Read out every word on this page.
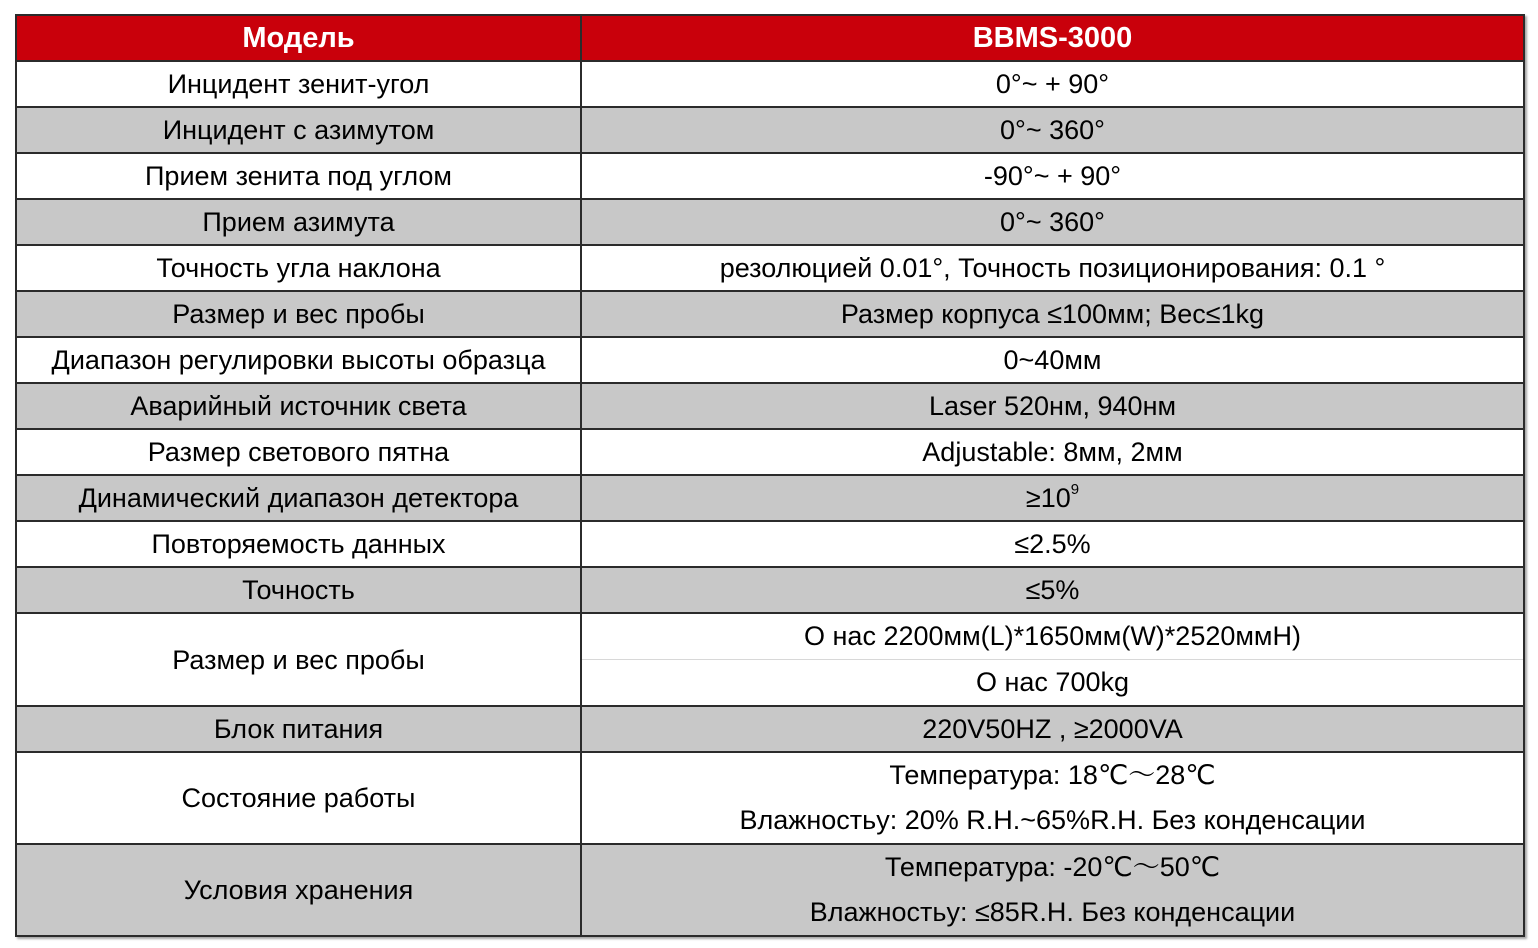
Модель	BBMS-3000
Инцидент зенит-угол	0°~ + 90°
Инцидент с азимутом	0°~ 360°
Прием зенита под углом	-90°~ + 90°
Прием азимута	0°~ 360°
Точность угла наклона	резолюцией 0.01°, Точность позиционирования: 0.1 °
Размер и вес пробы	Размер корпуса ≤100мм; Вес≤1kg
Диапазон регулировки высоты образца	0~40мм
Аварийный источник света	Laser 520нм, 940нм
Размер светового пятна	Adjustable: 8мм, 2мм
Динамический диапазон детектора	$\ge 10^9$
Повторяемость данных	≤2.5%
Точность	≤5%
Размер и вес пробы	О нас 2200мм(L)*1650мм(W)*2520ммH)
О нас 700kg

Блок питания	220V50HZ , ≥2000VA
Состояние работы	Температура: 18℃～28℃
Влажностьу: 20% R.H.~65%R.H. Без конденсации

Условия хранения	Температура: -20℃～50℃
Влажностьу: ≤85R.H. Без конденсации
